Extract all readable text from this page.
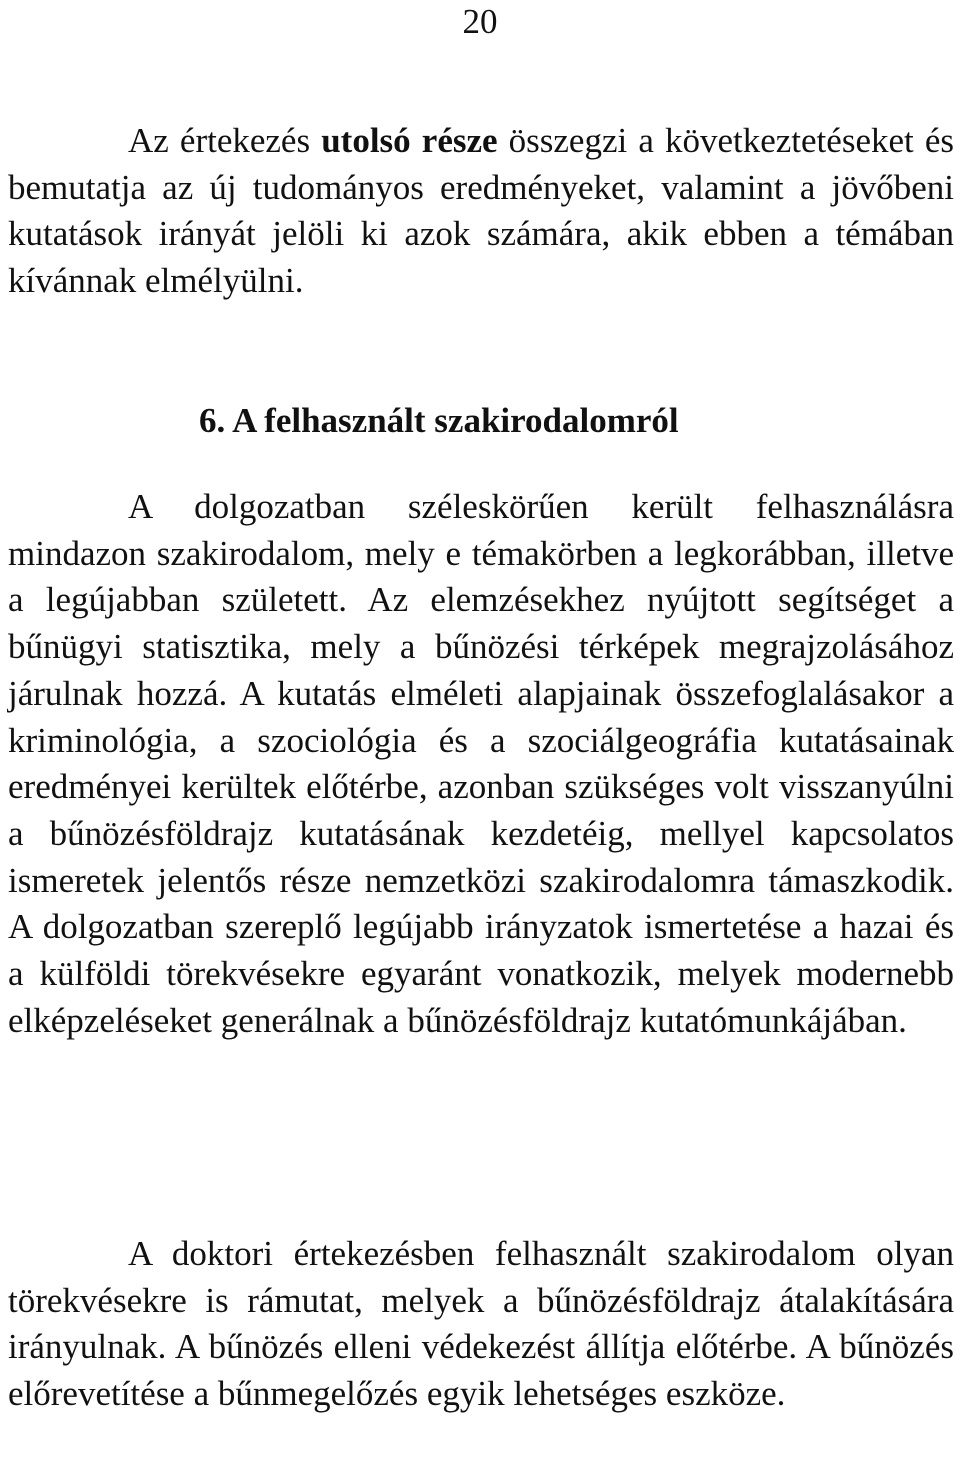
20

Az értekezés utolsó része összegzi a következtetéseket és bemutatja az új tudományos eredményeket, valamint a jövőbeni kutatások irányát jelöli ki azok számára, akik ebben a témában kívánnak elmélyülni.

6. A felhasznált szakirodalomról

A dolgozatban széleskörűen került felhasználásra mindazon szakirodalom, mely e témakörben a legkorábban, illetve a legújabban született. Az elemzésekhez nyújtott segítséget a bűnügyi statisztika, mely a bűnözési térképek megrajzolásához járulnak hozzá. A kutatás elméleti alapjainak összefoglalásakor a kriminológia, a szociológia és a szociálgeográfia kutatásainak eredményei kerültek előtérbe, azonban szükséges volt visszanyúlni a bűnözésföldrajz kutatásának kezdetéig, mellyel kapcsolatos ismeretek jelentős része nemzetközi szakirodalomra támaszkodik. A dolgozatban szereplő legújabb irányzatok ismertetése a hazai és a külföldi törekvésekre egyaránt vonatkozik, melyek modernebb elképzeléseket generálnak a bűnözésföldrajz kutatómunkájában.

A doktori értekezésben felhasznált szakirodalom olyan törekvésekre is rámutat, melyek a bűnözésföldrajz átalakítására irányulnak. A bűnözés elleni védekezést állítja előtérbe. A bűnözés előrevetítése a bűnmegelőzés egyik lehetséges eszköze.
